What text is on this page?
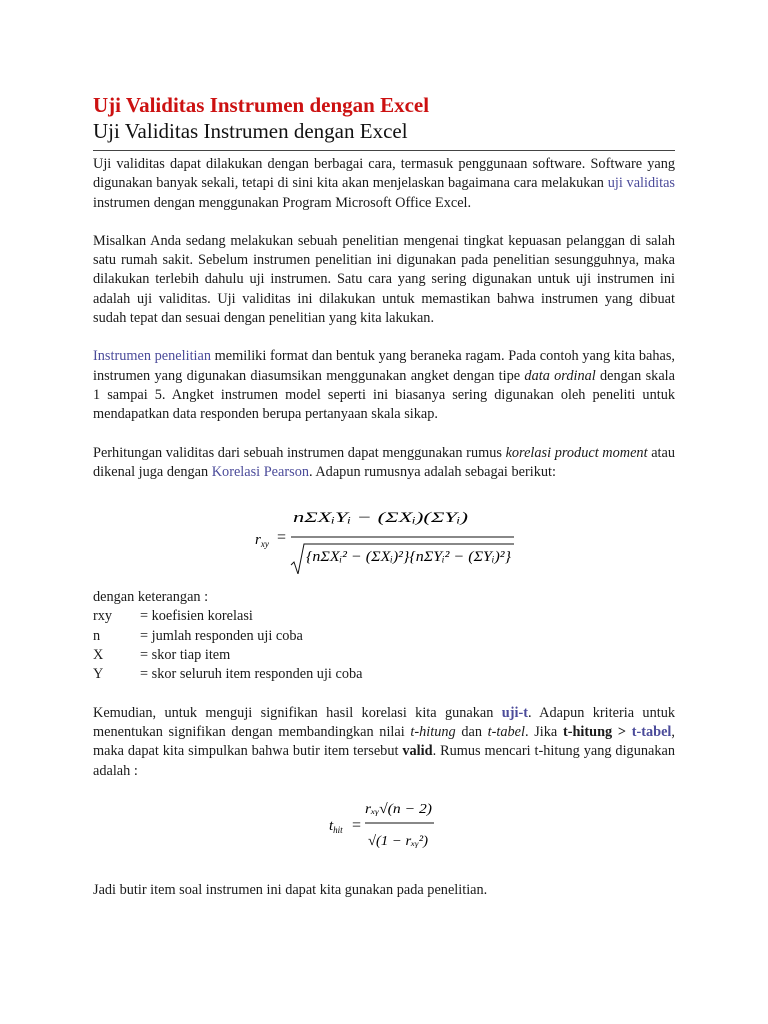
Uji Validitas Instrumen dengan Excel
Uji Validitas Instrumen dengan Excel

Uji validitas dapat dilakukan dengan berbagai cara, termasuk penggunaan software. Software yang digunakan banyak sekali, tetapi di sini kita akan menjelaskan bagaimana cara melakukan uji validitas instrumen dengan menggunakan Program Microsoft Office Excel.

Misalkan Anda sedang melakukan sebuah penelitian mengenai tingkat kepuasan pelanggan di salah satu rumah sakit. Sebelum instrumen penelitian ini digunakan pada penelitian sesungguhnya, maka dilakukan terlebih dahulu uji instrumen. Satu cara yang sering digunakan untuk uji instrumen ini adalah uji validitas. Uji validitas ini dilakukan untuk memastikan bahwa instrumen yang dibuat sudah tepat dan sesuai dengan penelitian yang kita lakukan.

Instrumen penelitian memiliki format dan bentuk yang beraneka ragam. Pada contoh yang kita bahas, instrumen yang digunakan diasumsikan menggunakan angket dengan tipe data ordinal dengan skala 1 sampai 5. Angket instrumen model seperti ini biasanya sering digunakan oleh peneliti untuk mendapatkan data responden berupa pertanyaan skala sikap.

Perhitungan validitas dari sebuah instrumen dapat menggunakan rumus korelasi product moment atau dikenal juga dengan Korelasi Pearson. Adapun rumusnya adalah sebagai berikut:

$r_{xy}$ =
nΣXᵢYᵢ − (ΣXᵢ)(ΣYᵢ)
{nΣXᵢ² − (ΣXᵢ)²}{nΣYᵢ² − (ΣYᵢ)²}
dengan keterangan :
rxy	= koefisien korelasi
n	= jumlah responden uji coba
X	= skor tiap item
Y	= skor seluruh item responden uji coba

Kemudian, untuk menguji signifikan hasil korelasi kita gunakan uji-t. Adapun kriteria untuk menentukan signifikan dengan membandingkan nilai t-hitung dan t-tabel. Jika t-hitung > t-tabel, maka dapat kita simpulkan bahwa butir item tersebut valid. Rumus mencari t-hitung yang digunakan adalah :

$t_{hit}$ =
rₓᵧ√(n − 2)
√(1 − rₓᵧ²)

Jadi butir item soal instrumen ini dapat kita gunakan pada penelitian.
